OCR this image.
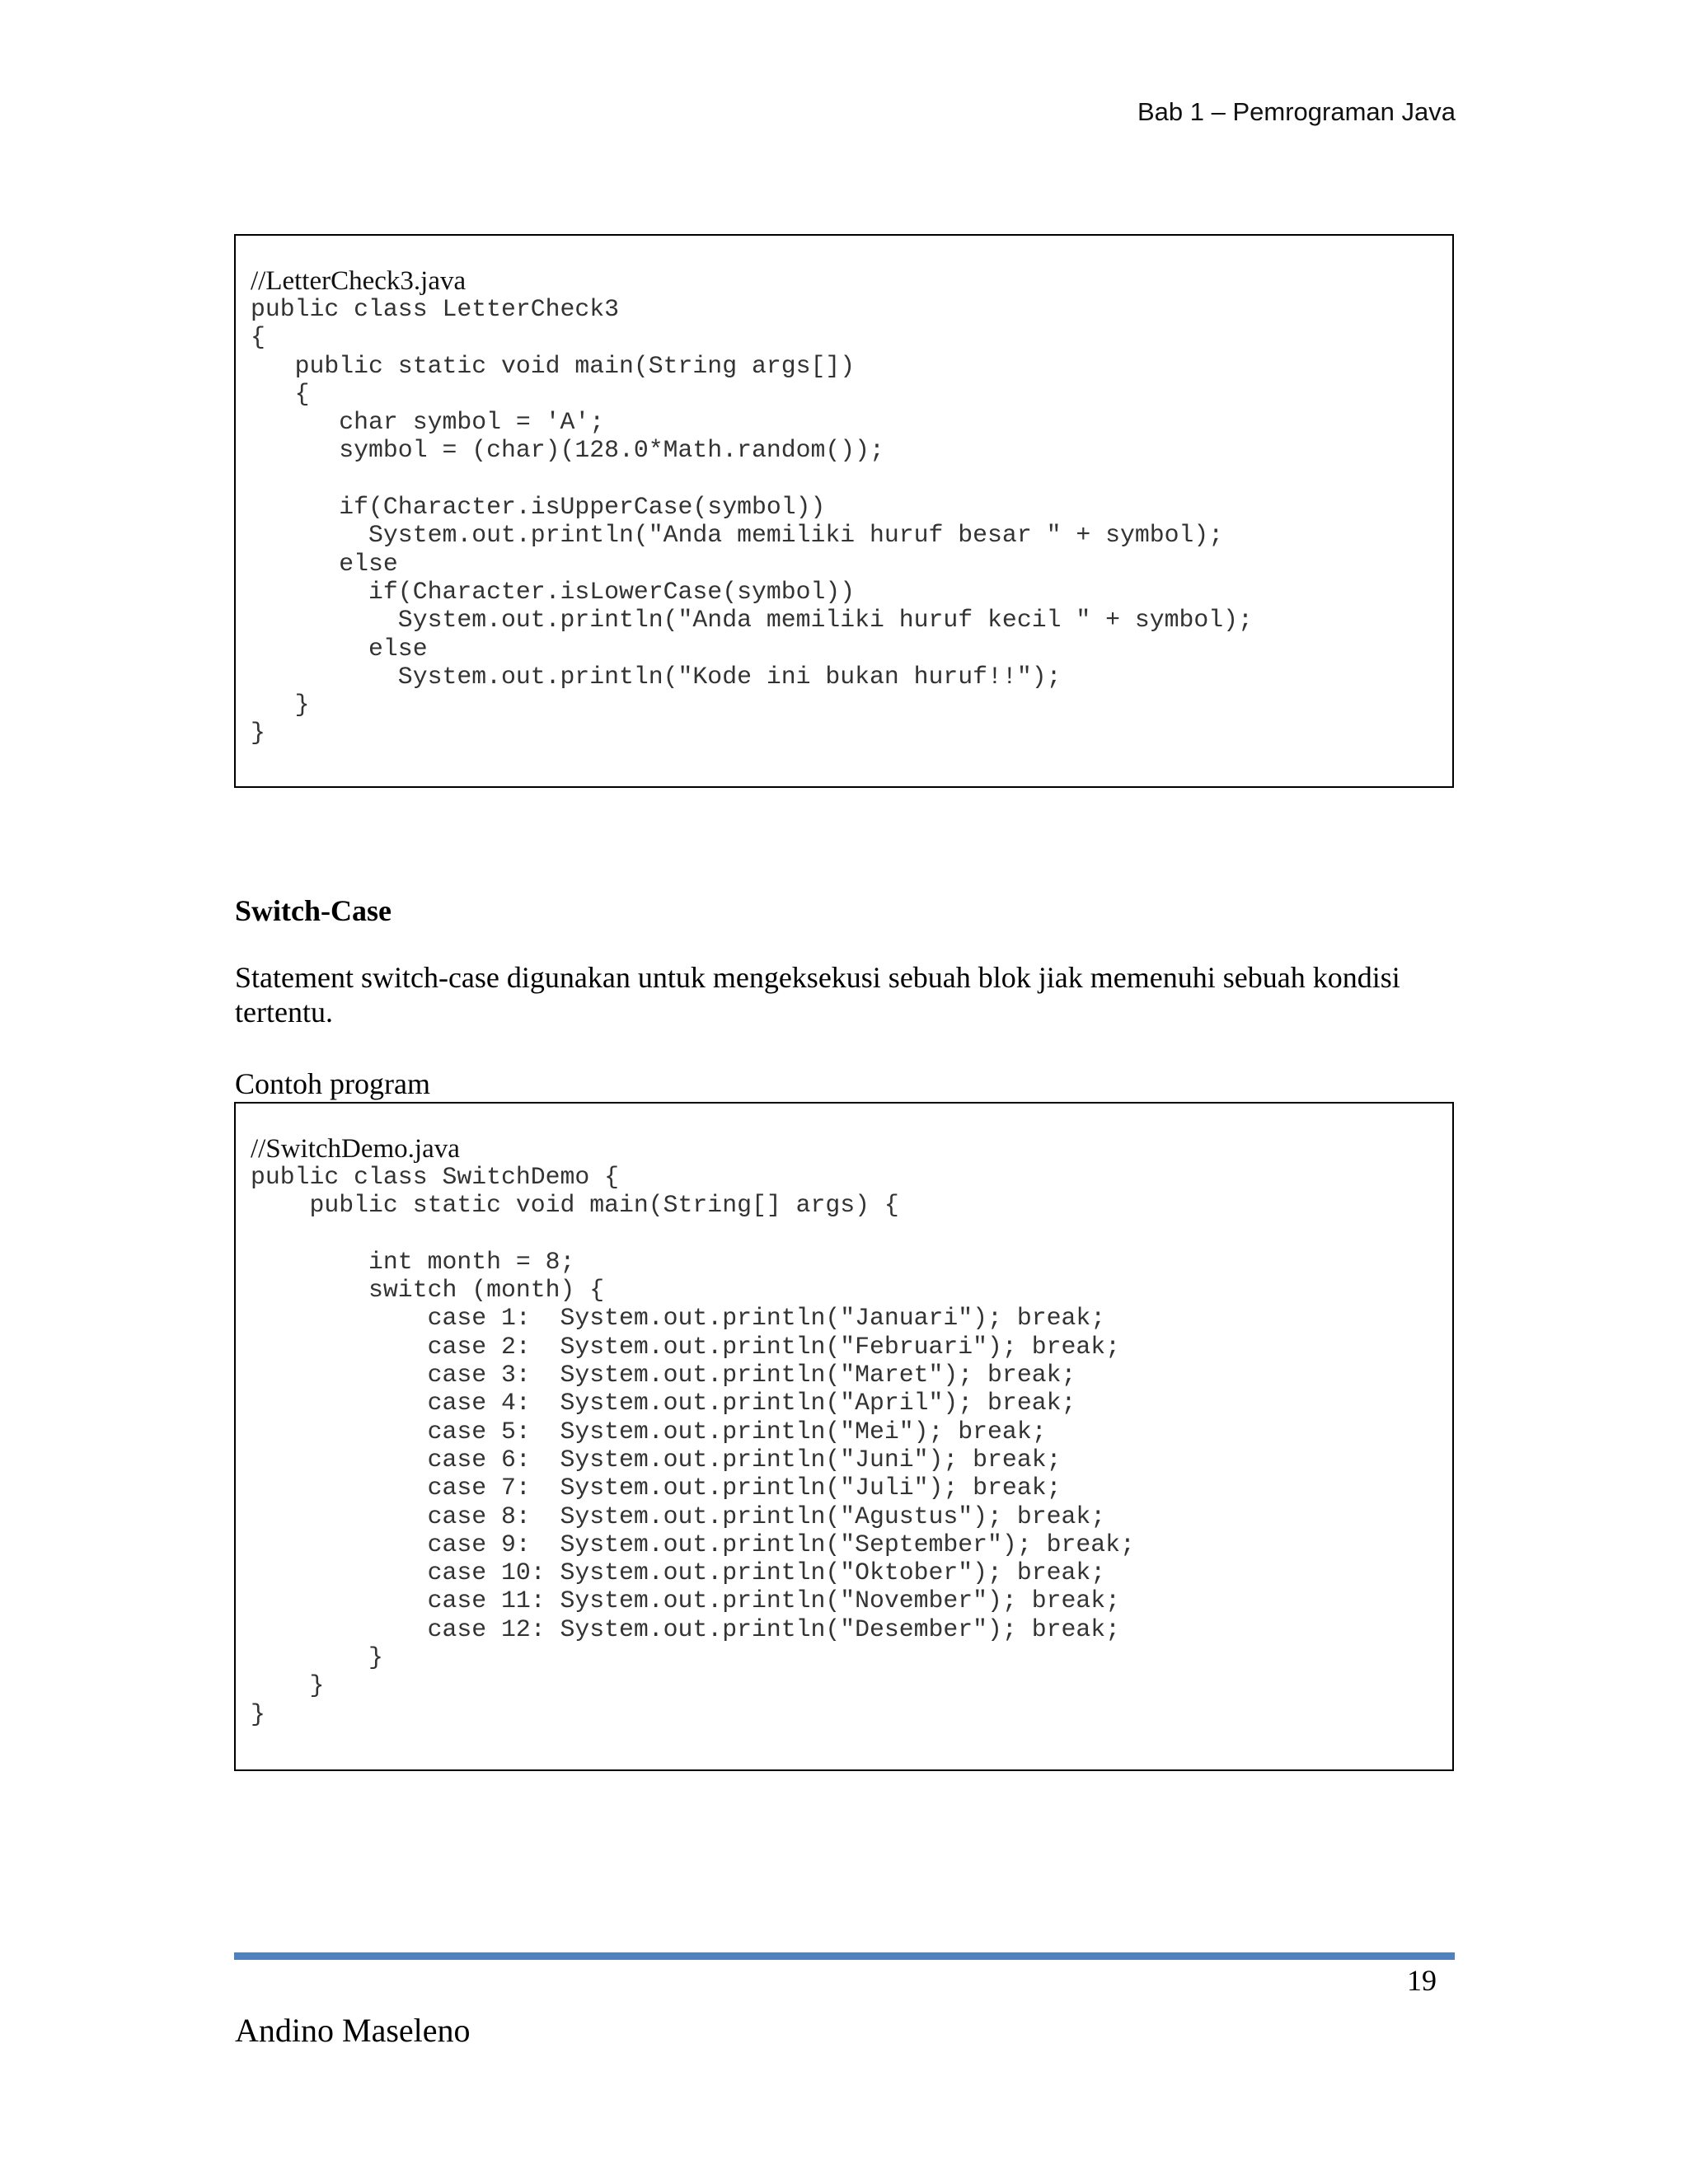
Bab 1 – Pemrograman Java
//LetterCheck3.java
public class LetterCheck3
{
public static void main(String args[])
{
char symbol = 'A';
symbol = (char)(128.0*Math.random());

if(Character.isUpperCase(symbol))
System.out.println("Anda memiliki huruf besar " + symbol);
else
if(Character.isLowerCase(symbol))
System.out.println("Anda memiliki huruf kecil " + symbol);
else
System.out.println("Kode ini bukan huruf!!");
}
}
Switch-Case

Statement switch-case digunakan untuk mengeksekusi sebuah blok jiak memenuhi sebuah kondisi tertentu.

Contoh program

//SwitchDemo.java
public class SwitchDemo {
public static void main(String[] args) {

int month = 8;
switch (month) {
case 1:  System.out.println("Januari"); break;
case 2:  System.out.println("Februari"); break;
case 3:  System.out.println("Maret"); break;
case 4:  System.out.println("April"); break;
case 5:  System.out.println("Mei"); break;
case 6:  System.out.println("Juni"); break;
case 7:  System.out.println("Juli"); break;
case 8:  System.out.println("Agustus"); break;
case 9:  System.out.println("September"); break;
case 10: System.out.println("Oktober"); break;
case 11: System.out.println("November"); break;
case 12: System.out.println("Desember"); break;
}
}
}
19
Andino Maseleno
